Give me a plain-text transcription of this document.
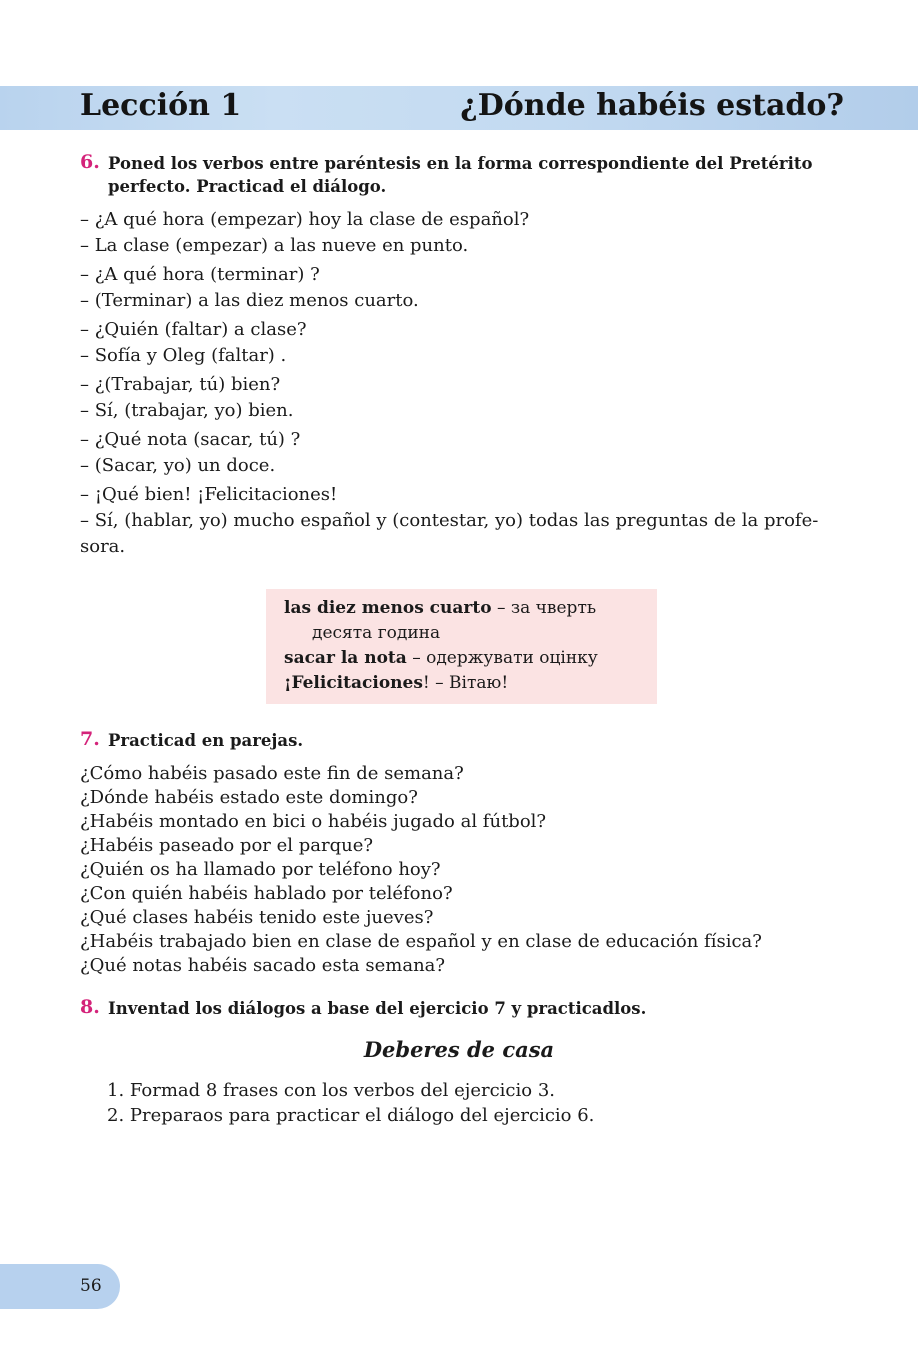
Lección 1	¿Dónde habéis estado?
6. Poned los verbos entre paréntesis en la forma correspondiente del Pretérito perfecto. Practicad el diálogo.
– ¿A qué hora (empezar) hoy la clase de español?
– La clase (empezar) a las nueve en punto.
– ¿A qué hora (terminar) ?
– (Terminar) a las diez menos cuarto.
– ¿Quién (faltar) a clase?
– Sofía y Oleg (faltar) .
– ¿(Trabajar, tú) bien?
– Sí, (trabajar, yo) bien.
– ¿Qué nota (sacar, tú) ?
– (Sacar, yo) un doce.
– ¡Qué bien! ¡Felicitaciones!
– Sí, (hablar, yo) mucho español y (contestar, yo) todas las preguntas de la profe-
sora.
las diez menos cuarto – за чверть
десята година
sacar la nota – одержувати оцінку
¡Felicitaciones! – Вітаю!
7. Practicad en parejas.
¿Cómo habéis pasado este fin de semana?
¿Dónde habéis estado este domingo?
¿Habéis montado en bici o habéis jugado al fútbol?
¿Habéis paseado por el parque?
¿Quién os ha llamado por teléfono hoy?
¿Con quién habéis hablado por teléfono?
¿Qué clases habéis tenido este jueves?
¿Habéis trabajado bien en clase de español y en clase de educación física?
¿Qué notas habéis sacado esta semana?
8. Inventad los diálogos a base del ejercicio 7 y practicadlos.
Deberes de casa
1. Formad 8 frases con los verbos del ejercicio 3.
2. Preparaos para practicar el diálogo del ejercicio 6.
56
